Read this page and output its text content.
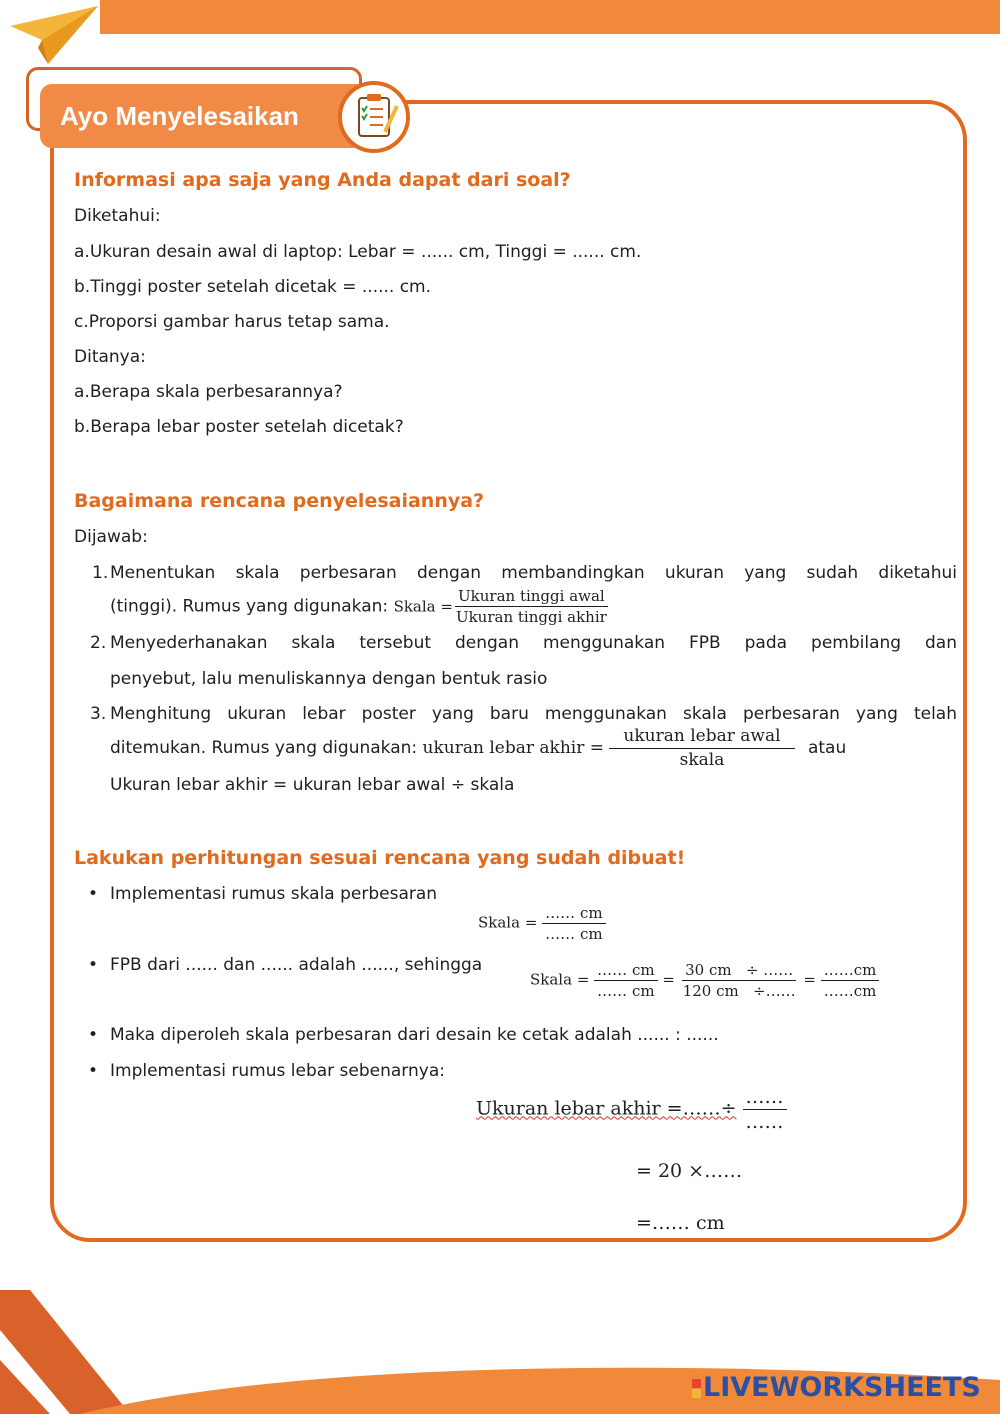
Ayo Menyelesaikan
Informasi apa saja yang Anda dapat dari soal?
Diketahui:
a.Ukuran desain awal di laptop: Lebar = ...... cm, Tinggi = ...... cm.
b.Tinggi poster setelah dicetak = ...... cm.
c.Proporsi gambar harus tetap sama.
Ditanya:
a.Berapa skala perbesarannya?
b.Berapa lebar poster setelah dicetak?
Bagaimana rencana penyelesaiannya?
Dijawab:
1. Menentukan skala perbesaran dengan membandingkan ukuran yang sudah diketahui
(tinggi). Rumus yang digunakan: Skala = $\frac{\text{Ukuran tinggi awal}}{\text{Ukuran tinggi akhir}}$
2. Menyederhanakan skala tersebut dengan menggunakan FPB pada pembilang dan
penyebut, lalu menuliskannya dengan bentuk rasio
3. Menghitung ukuran lebar poster yang baru menggunakan skala perbesaran yang telah
ditemukan. Rumus yang digunakan: ukuran lebar akhir = $\frac{\text{ukuran lebar awal}}{\text{skala}}$ atau
Ukuran lebar akhir = ukuran lebar awal ÷ skala
Lakukan perhitungan sesuai rencana yang sudah dibuat!
• Implementasi rumus skala perbesaran
Skala = $\frac{\dots\dots cm}{\dots\dots cm}$
• FPB dari ...... dan ...... adalah ......, sehingga
Skala = $\frac{\dots\dots cm}{\dots\dots cm} = \frac{30 cm \div \dots\dots}{120 cm \div\dots\dots} = \frac{\dots\dots cm}{\dots\dots cm}$
• Maka diperoleh skala perbesaran dari desain ke cetak adalah ...... : ......
• Implementasi rumus lebar sebenarnya:
Ukuran lebar akhir =……÷ $\frac{\dots\dots}{\dots\dots}$
= 20 ×……
=…… cm
LIVEWORKSHEETS
